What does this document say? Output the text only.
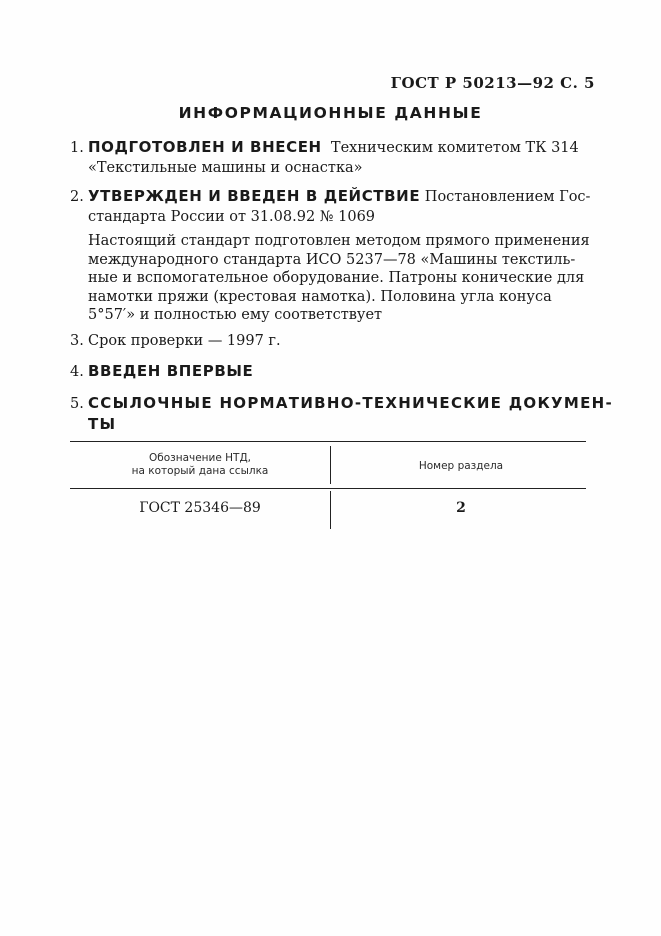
ГОСТ Р 50213—92 С. 5
ИНФОРМАЦИОННЫЕ ДАННЫЕ
1. ПОДГОТОВЛЕН И ВНЕСЕН Техническим комитетом ТК 314
«Текстильные машины и оснастка»
2. УТВЕРЖДЕН И ВВЕДЕН В ДЕЙСТВИЕ Постановлением Гос-
стандарта России от 31.08.92 № 1069
Настоящий стандарт подготовлен методом прямого применения
международного стандарта ИСО 5237—78 «Машины текстиль-
ные и вспомогательное оборудование. Патроны конические для
намотки пряжи (крестовая намотка). Половина угла конуса
5°57′» и полностью ему соответствует
3. Срок проверки — 1997 г.
4. ВВЕДЕН ВПЕРВЫЕ
5. ССЫЛОЧНЫЕ НОРМАТИВНО-ТЕХНИЧЕСКИЕ ДОКУМЕН-
ТЫ
Обозначение НТД,
на который дана ссылка	Номер раздела
ГОСТ 25346—89	2
